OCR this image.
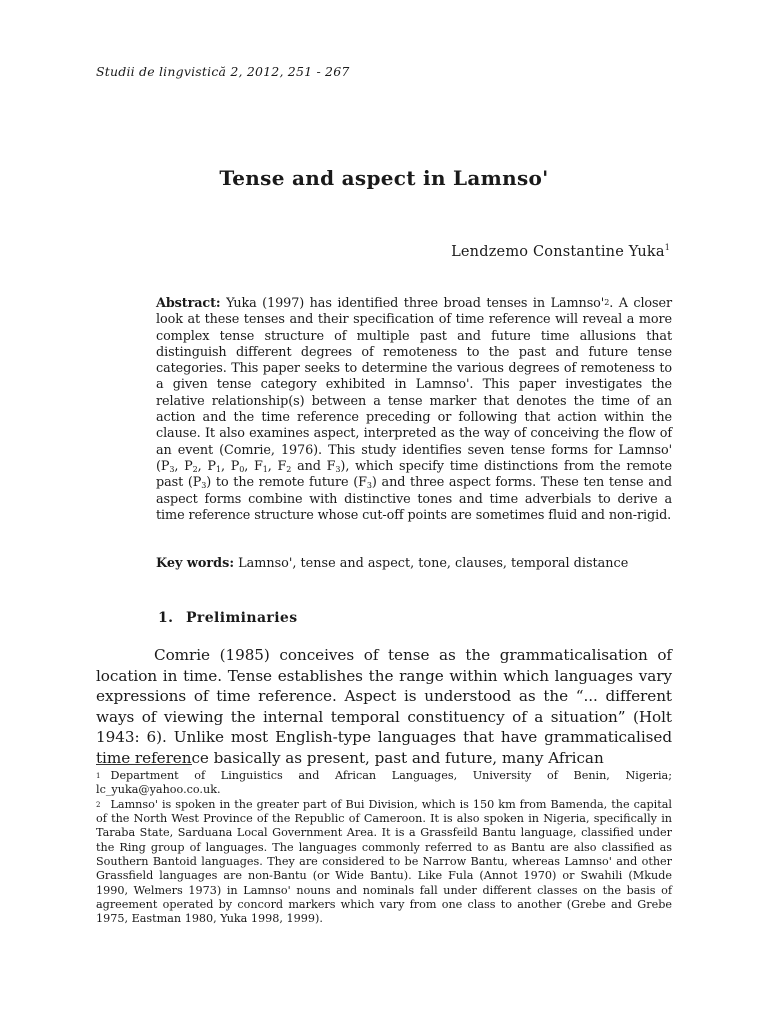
Studii de lingvistică 2, 2012, 251 - 267
Tense and aspect in Lamnso'
Lendzemo Constantine Yuka$^1$
Abstract: Yuka (1997) has identified three broad tenses in Lamnso'$^2$. A closer look at these tenses and their specification of time reference will reveal a more complex tense structure of multiple past and future time allusions that distinguish different degrees of remoteness to the past and future tense categories. This paper seeks to determine the various degrees of remoteness to a given tense category exhibited in Lamnso'. This paper investigates the relative relationship(s) between a tense marker that denotes the time of an action and the time reference preceding or following that action within the clause. It also examines aspect, interpreted as the way of conceiving the flow of an event (Comrie, 1976). This study identifies seven tense forms for Lamnso' ($P_3$, $P_2$, $P_1$, $P_0$, $F_1$, $F_2$ and $F_3$), which specify time distinctions from the remote past $(P_3)$ to the remote future $(F_3)$ and three aspect forms. These ten tense and aspect forms combine with distinctive tones and time adverbials to derive a time reference structure whose cut-off points are sometimes fluid and non-rigid.
Key words: Lamnso', tense and aspect, tone, clauses, temporal distance
1. Preliminaries
Comrie (1985) conceives of tense as the grammaticalisation of location in time. Tense establishes the range within which languages vary expressions of time reference. Aspect is understood as the “... different ways of viewing the internal temporal constituency of a situation” (Holt 1943: 6). Unlike most English-type languages that have grammaticalised time reference basically as present, past and future, many African

$^1$ Department of Linguistics and African Languages, University of Benin, Nigeria; lc_yuka@yahoo.co.uk.

$^2$ Lamnso' is spoken in the greater part of Bui Division, which is 150 km from Bamenda, the capital of the North West Province of the Republic of Cameroon. It is also spoken in Nigeria, specifically in Taraba State, Sarduana Local Government Area. It is a Grassfeild Bantu language, classified under the Ring group of languages. The languages commonly referred to as Bantu are also classified as Southern Bantoid languages. They are considered to be Narrow Bantu, whereas Lamnso' and other Grassfield languages are non-Bantu (or Wide Bantu). Like Fula (Annot 1970) or Swahili (Mkude 1990, Welmers 1973) in Lamnso' nouns and nominals fall under different classes on the basis of agreement operated by concord markers which vary from one class to another (Grebe and Grebe 1975, Eastman 1980, Yuka 1998, 1999).
